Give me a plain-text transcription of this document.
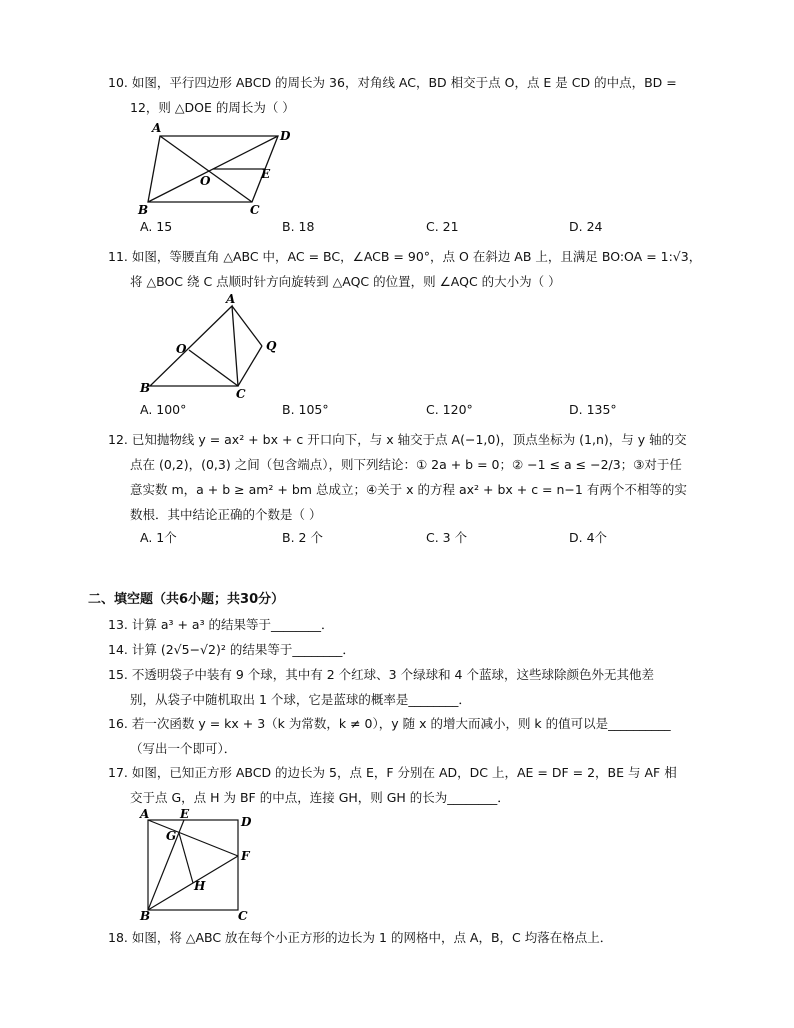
10. 如图，平行四边形 ABCD 的周长为 36，对角线 AC，BD 相交于点 O，点 E 是 CD 的中点，BD =
12，则 △DOE 的周长为（ ）
A
D
B	C
O	E
A. 15	B. 18	C. 21	D. 24
11. 如图，等腰直角 △ABC 中，AC = BC，∠ACB = 90°，点 O 在斜边 AB 上，且满足 BO:OA = 1:√3，
将 △BOC 绕 C 点顺时针方向旋转到 △AQC 的位置，则 ∠AQC 的大小为（ ）
A
B	C
O	Q
A. 100°	B. 105°	C. 120°	D. 135°
12. 已知抛物线 y = ax² + bx + c 开口向下，与 x 轴交于点 A(−1,0)，顶点坐标为 (1,n)，与 y 轴的交
点在 (0,2)，(0,3) 之间（包含端点），则下列结论：① 2a + b = 0；② −1 ≤ a ≤ −2/3；③对于任
意实数 m，a + b ≥ am² + bm 总成立；④关于 x 的方程 ax² + bx + c = n−1 有两个不相等的实
数根．其中结论正确的个数是（ ）
A. 1个	B. 2 个	C. 3 个	D. 4个
二、填空题（共6小题；共30分）
13. 计算 a³ + a³ 的结果等于________．
14. 计算 (2√5−√2)² 的结果等于________．
15. 不透明袋子中装有 9 个球，其中有 2 个红球、3 个绿球和 4 个蓝球，这些球除颜色外无其他差
别，从袋子中随机取出 1 个球，它是蓝球的概率是________．
16. 若一次函数 y = kx + 3（k 为常数，k ≠ 0），y 随 x 的增大而减小，则 k 的值可以是__________
（写出一个即可）．
17. 如图，已知正方形 ABCD 的边长为 5，点 E，F 分别在 AD，DC 上，AE = DF = 2，BE 与 AF 相
交于点 G，点 H 为 BF 的中点，连接 GH，则 GH 的长为________．
A
D
E
F
G
H
B	C
18. 如图，将 △ABC 放在每个小正方形的边长为 1 的网格中，点 A，B，C 均落在格点上．
